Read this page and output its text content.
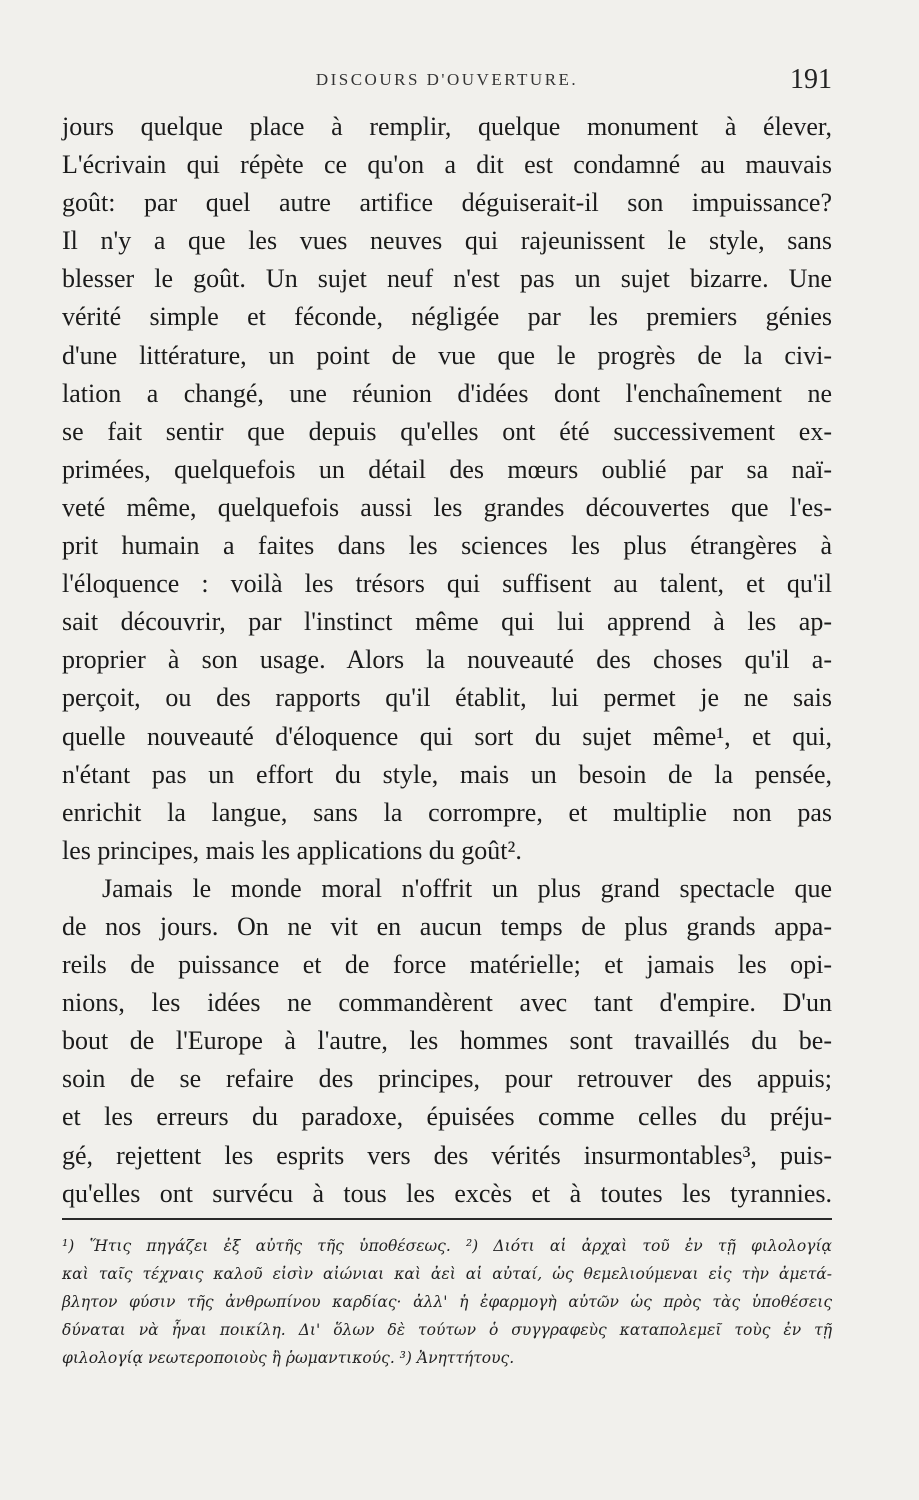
DISCOURS D'OUVERTURE.	191
jours quelque place à remplir, quelque monument à élever,
L'écrivain qui répète ce qu'on a dit est condamné au mauvais
goût: par quel autre artifice déguiserait-il son impuissance?
Il n'y a que les vues neuves qui rajeunissent le style, sans
blesser le goût. Un sujet neuf n'est pas un sujet bizarre. Une
vérité simple et féconde, négligée par les premiers génies
d'une littérature, un point de vue que le progrès de la civi-
lation a changé, une réunion d'idées dont l'enchaînement ne
se fait sentir que depuis qu'elles ont été successivement ex-
primées, quelquefois un détail des mœurs oublié par sa naï-
veté même, quelquefois aussi les grandes découvertes que l'es-
prit humain a faites dans les sciences les plus étrangères à
l'éloquence : voilà les trésors qui suffisent au talent, et qu'il
sait découvrir, par l'instinct même qui lui apprend à les ap-
proprier à son usage. Alors la nouveauté des choses qu'il a-
perçoit, ou des rapports qu'il établit, lui permet je ne sais
quelle nouveauté d'éloquence qui sort du sujet même¹, et qui,
n'étant pas un effort du style, mais un besoin de la pensée,
enrichit la langue, sans la corrompre, et multiplie non pas
les principes, mais les applications du goût².
Jamais le monde moral n'offrit un plus grand spectacle que
de nos jours. On ne vit en aucun temps de plus grands appa-
reils de puissance et de force matérielle; et jamais les opi-
nions, les idées ne commandèrent avec tant d'empire. D'un
bout de l'Europe à l'autre, les hommes sont travaillés du be-
soin de se refaire des principes, pour retrouver des appuis;
et les erreurs du paradoxe, épuisées comme celles du préju-
gé, rejettent les esprits vers des vérités insurmontables³, puis-
qu'elles ont survécu à tous les excès et à toutes les tyrannies.
¹) Ἥτις πηγάζει ἐξ αὐτῆς τῆς ὑποθέσεως. ²) Διότι αἱ ἀρχαὶ τοῦ ἐν τῇ φιλολογίᾳ
καὶ ταῖς τέχναις καλοῦ εἰσὶν αἰώνιαι καὶ ἀεὶ αἱ αὐταί, ὡς θεμελιούμεναι εἰς τὴν ἀμετά-
βλητον φύσιν τῆς ἀνθρωπίνου καρδίας· ἀλλ' ἡ ἐφαρμογὴ αὐτῶν ὡς πρὸς τὰς ὑποθέσεις
δύναται νὰ ἦναι ποικίλη. Δι' ὅλων δὲ τούτων ὁ συγγραφεὺς καταπολεμεῖ τοὺς ἐν τῇ
φιλολογίᾳ νεωτεροποιοὺς ἢ ῥωμαντικούς. ³) Ἀνηττήτους.
